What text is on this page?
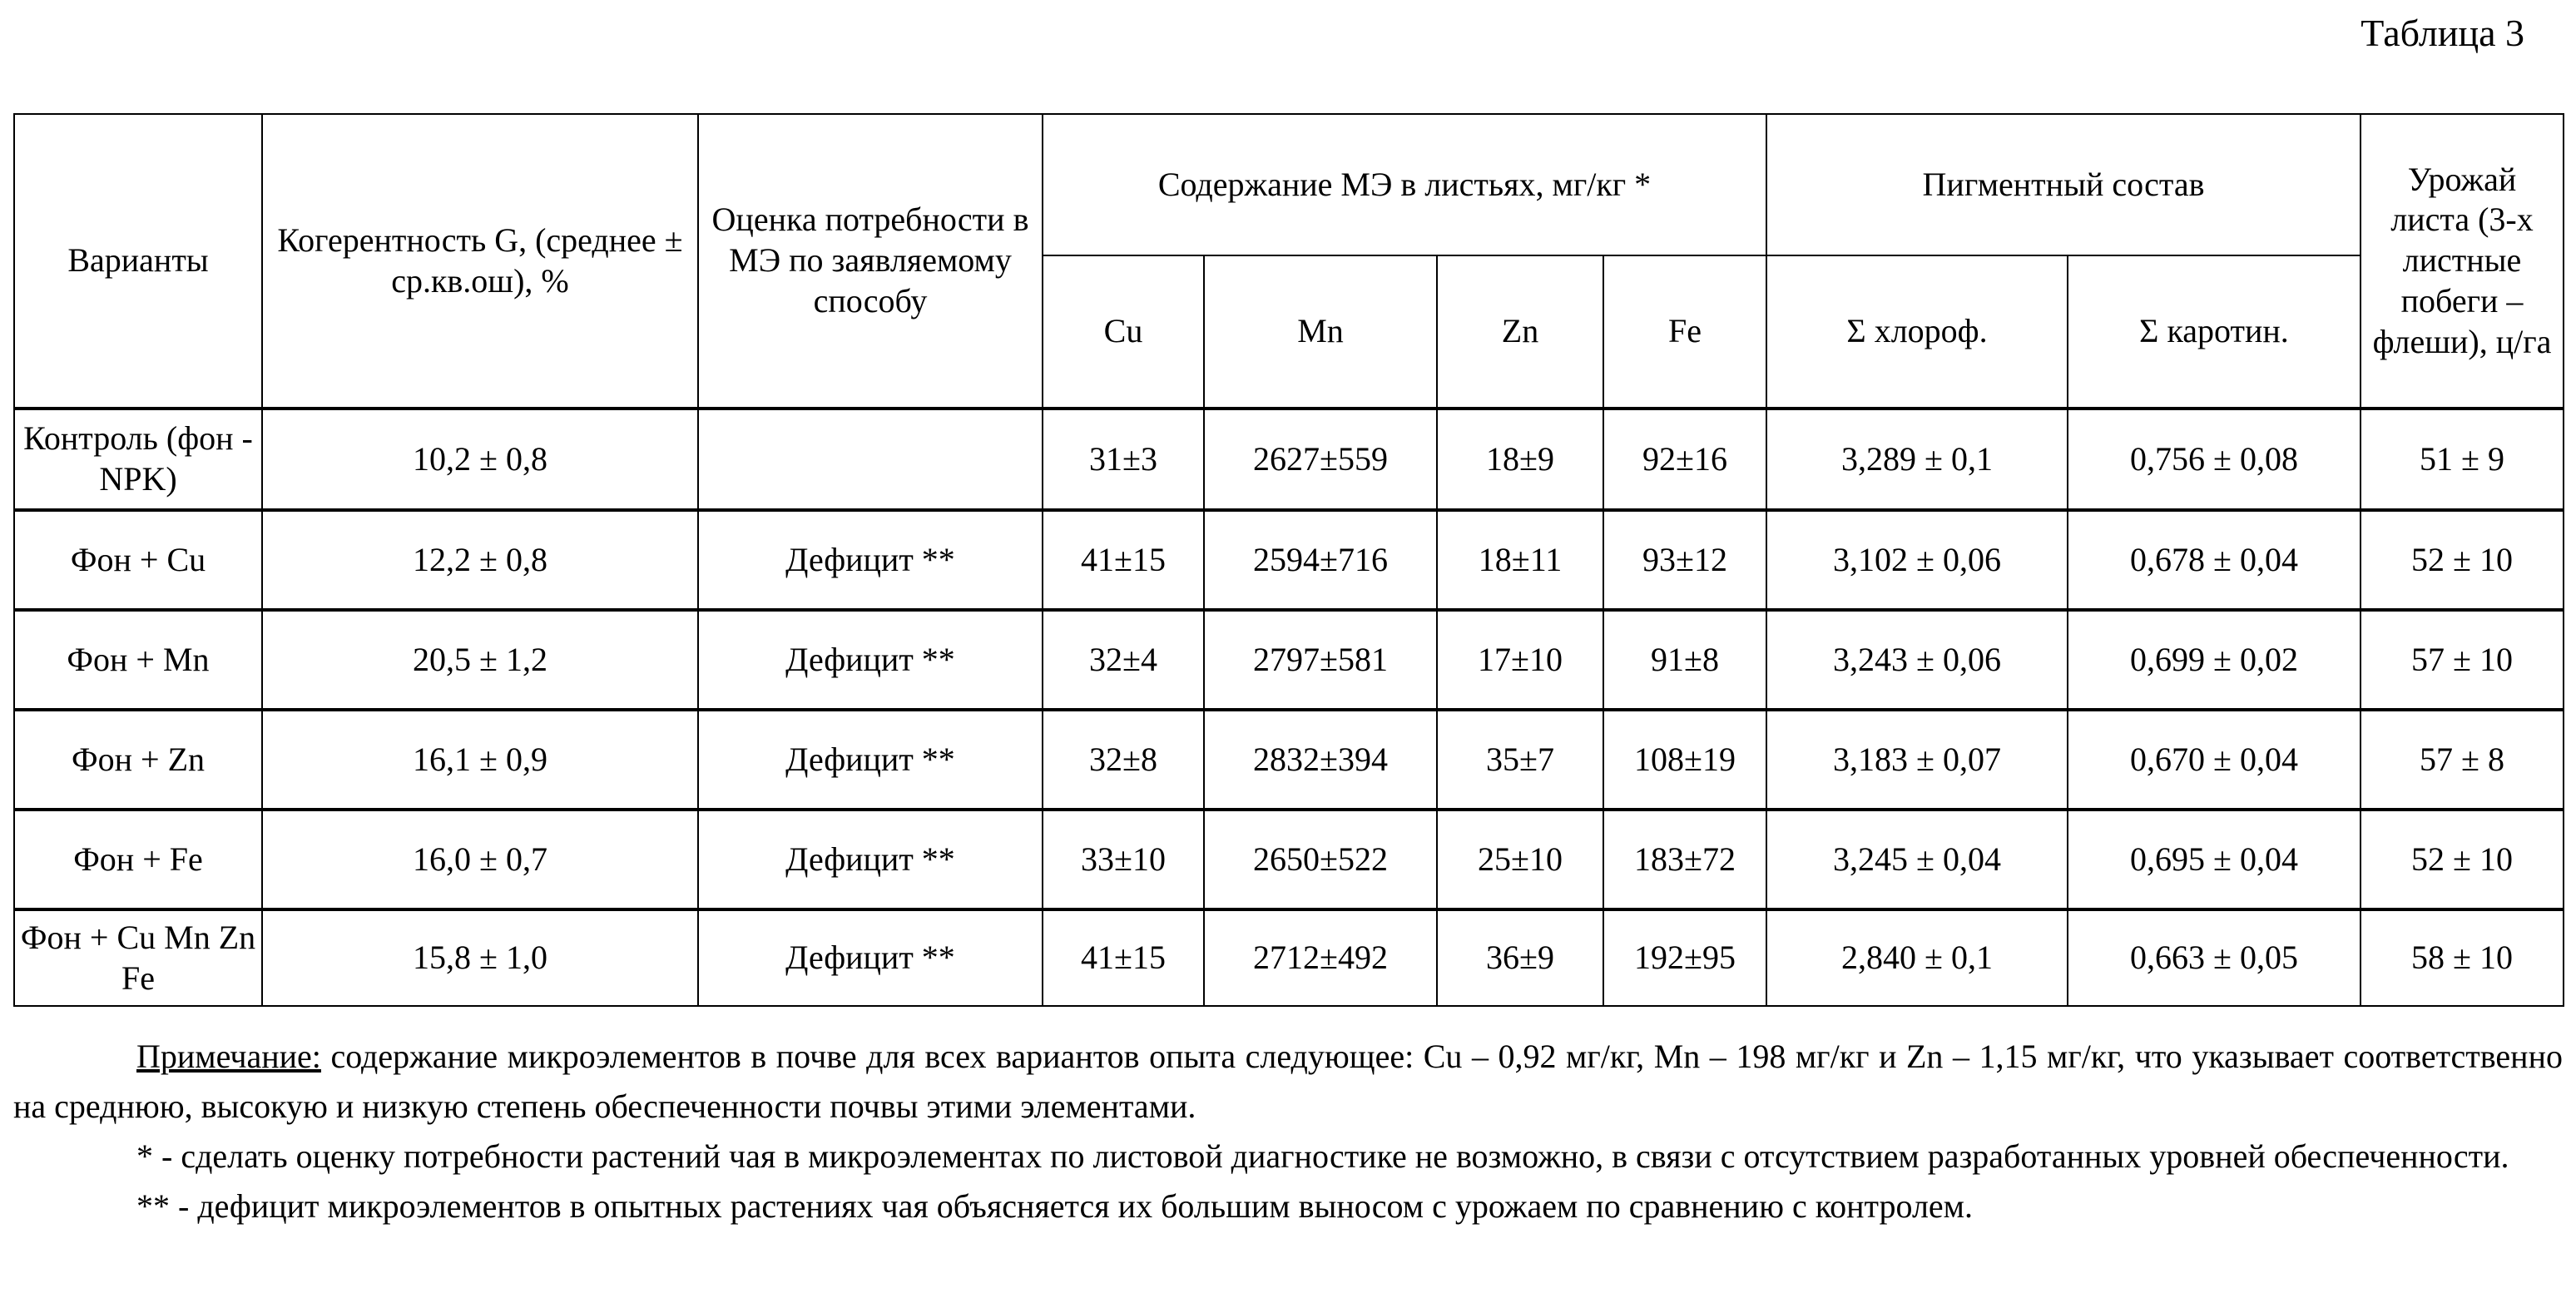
Таблица 3
Варианты	Когерентность G, (среднее ± ср.кв.ош), %	Оценка потребности в МЭ по заявляемому способу	Содержание МЭ в листьях, мг/кг *				Пигментный состав		Урожай листа (3-х листные побеги – флеши), ц/га
			Cu	Mn	Zn	Fe	Σ хлороф.	Σ каротин.	
Контроль (фон -NPK)	10,2 ± 0,8		31±3	2627±559	18±9	92±16	3,289 ± 0,1	0,756 ± 0,08	51 ± 9
Фон + Cu	12,2 ± 0,8	Дефицит **	41±15	2594±716	18±11	93±12	3,102 ± 0,06	0,678 ± 0,04	52 ± 10
Фон + Mn	20,5 ± 1,2	Дефицит **	32±4	2797±581	17±10	91±8	3,243 ± 0,06	0,699 ± 0,02	57 ± 10
Фон + Zn	16,1 ± 0,9	Дефицит **	32±8	2832±394	35±7	108±19	3,183 ± 0,07	0,670 ± 0,04	57 ± 8
Фон + Fe	16,0 ± 0,7	Дефицит **	33±10	2650±522	25±10	183±72	3,245 ± 0,04	0,695 ± 0,04	52 ± 10
Фон + Cu Mn Zn Fe	15,8 ± 1,0	Дефицит **	41±15	2712±492	36±9	192±95	2,840 ± 0,1	0,663 ± 0,05	58 ± 10

Примечание: содержание микроэлементов в почве для всех вариантов опыта следующее: Cu – 0,92 мг/кг, Mn – 198 мг/кг и Zn – 1,15 мг/кг, что указывает соответственно на среднюю, высокую и низкую степень обеспеченности почвы этими элементами.

* - сделать оценку потребности растений чая в микроэлементах по листовой диагностике не возможно, в связи с отсутствием разработанных уровней обеспеченности.

** - дефицит микроэлементов в опытных растениях чая объясняется их большим выносом с урожаем по сравнению с контролем.
